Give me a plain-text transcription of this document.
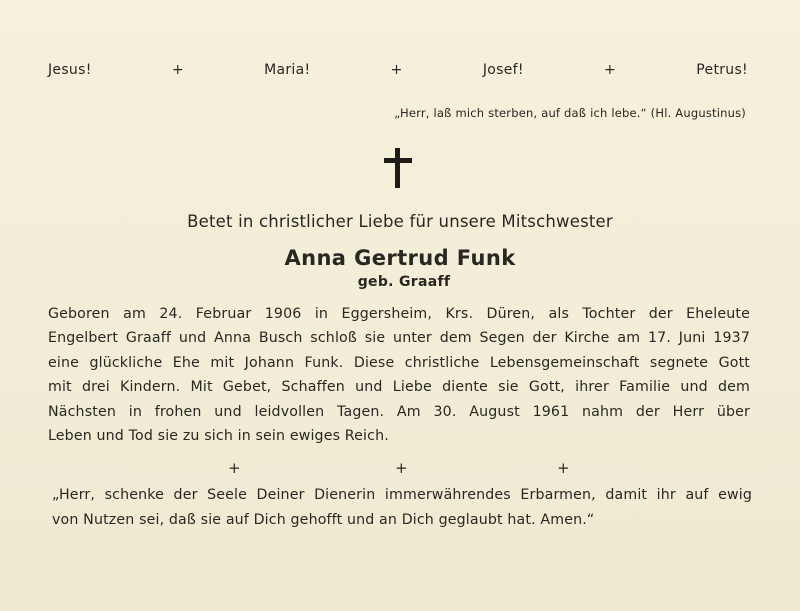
Jesus!	+	Maria!	+	Josef!	+	Petrus!
„Herr, laß mich sterben, auf daß ich lebe.“ (Hl. Augustinus)
Betet in christlicher Liebe für unsere Mitschwester
Anna Gertrud Funk
geb. Graaff
Geboren am 24. Februar 1906 in Eggersheim, Krs. Düren, als Tochter der Eheleute
Engelbert Graaff und Anna Busch schloß sie unter dem Segen der Kirche am 17. Juni 1937
eine glückliche Ehe mit Johann Funk. Diese christliche Lebensgemeinschaft segnete Gott
mit drei Kindern. Mit Gebet, Schaffen und Liebe diente sie Gott, ihrer Familie und dem
Nächsten in frohen und leidvollen Tagen. Am 30. August 1961 nahm der Herr über
Leben und Tod sie zu sich in sein ewiges Reich.
+	+	+
„Herr, schenke der Seele Deiner Dienerin immerwährendes Erbarmen, damit ihr auf ewig
von Nutzen sei, daß sie auf Dich gehofft und an Dich geglaubt hat. Amen.“
